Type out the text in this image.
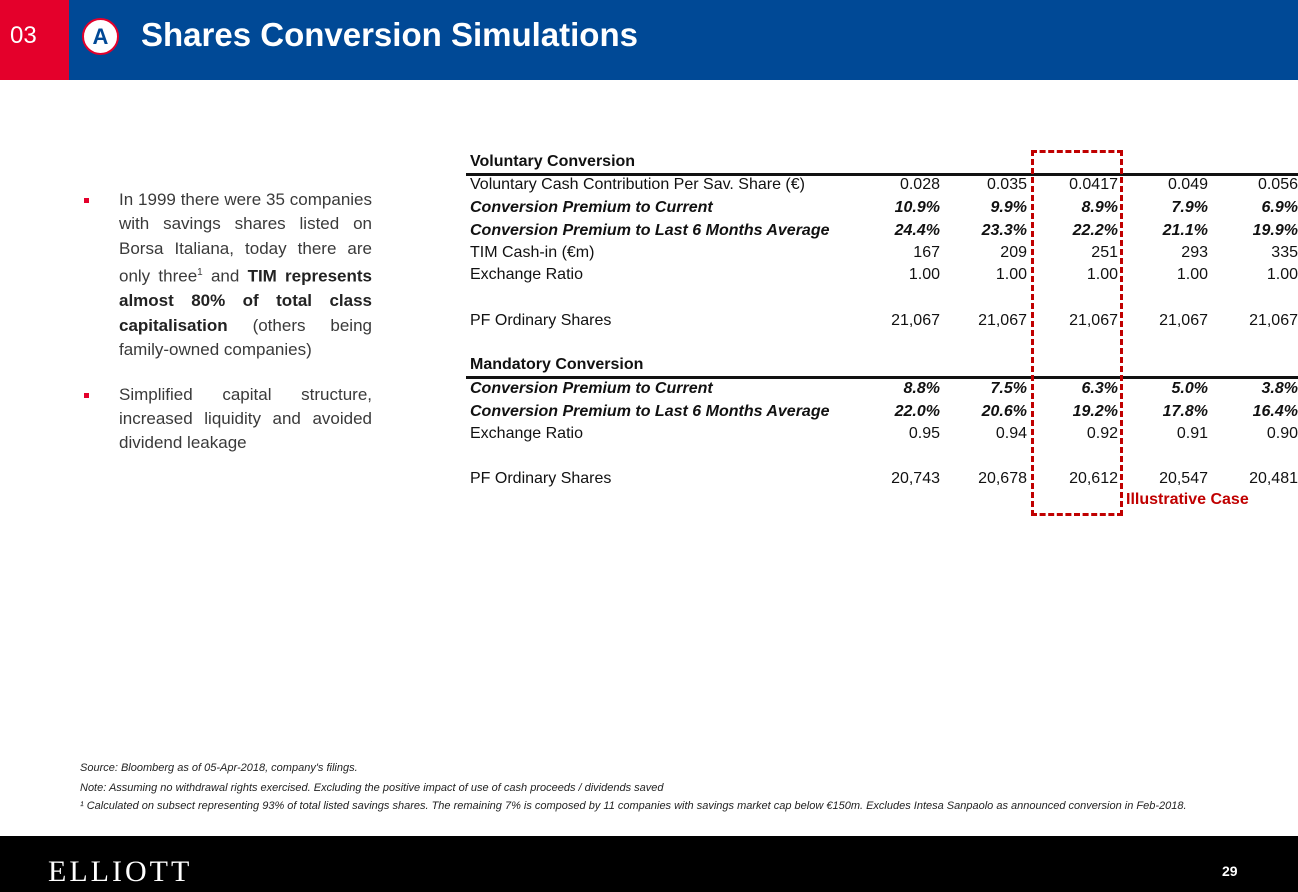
03	A Shares Conversion Simulations
In 1999 there were 35 companies with savings shares listed on Borsa Italiana, today there are only three$^1$ and TIM represents almost 80% of total class capitalisation (others being family-owned companies)
Simplified capital structure, increased liquidity and avoided dividend leakage
Voluntary Conversion
Voluntary Cash Contribution Per Sav. Share (€)	0.028	0.035	0.0417	0.049	0.056
Conversion Premium to Current	10.9%	9.9%	8.9%	7.9%	6.9%
Conversion Premium to Last 6 Months Average	24.4%	23.3%	22.2%	21.1%	19.9%
TIM Cash-in (€m)	167	209	251	293	335
Exchange Ratio	1.00	1.00	1.00	1.00	1.00
PF Ordinary Shares	21,067	21,067	21,067	21,067	21,067
Mandatory Conversion
Conversion Premium to Current	8.8%	7.5%	6.3%	5.0%	3.8%
Conversion Premium to Last 6 Months Average	22.0%	20.6%	19.2%	17.8%	16.4%
Exchange Ratio	0.95	0.94	0.92	0.91	0.90
PF Ordinary Shares	20,743	20,678	20,612	20,547	20,481
Illustrative Case
Source: Bloomberg as of 05-Apr-2018, company's filings.
Note: Assuming no withdrawal rights exercised. Excluding the positive impact of use of cash proceeds / dividends saved
¹ Calculated on subsect representing 93% of total listed savings shares. The remaining 7% is composed by 11 companies with savings market cap below €150m. Excludes Intesa Sanpaolo as announced conversion in Feb-2018.
ELLIOTT	29
